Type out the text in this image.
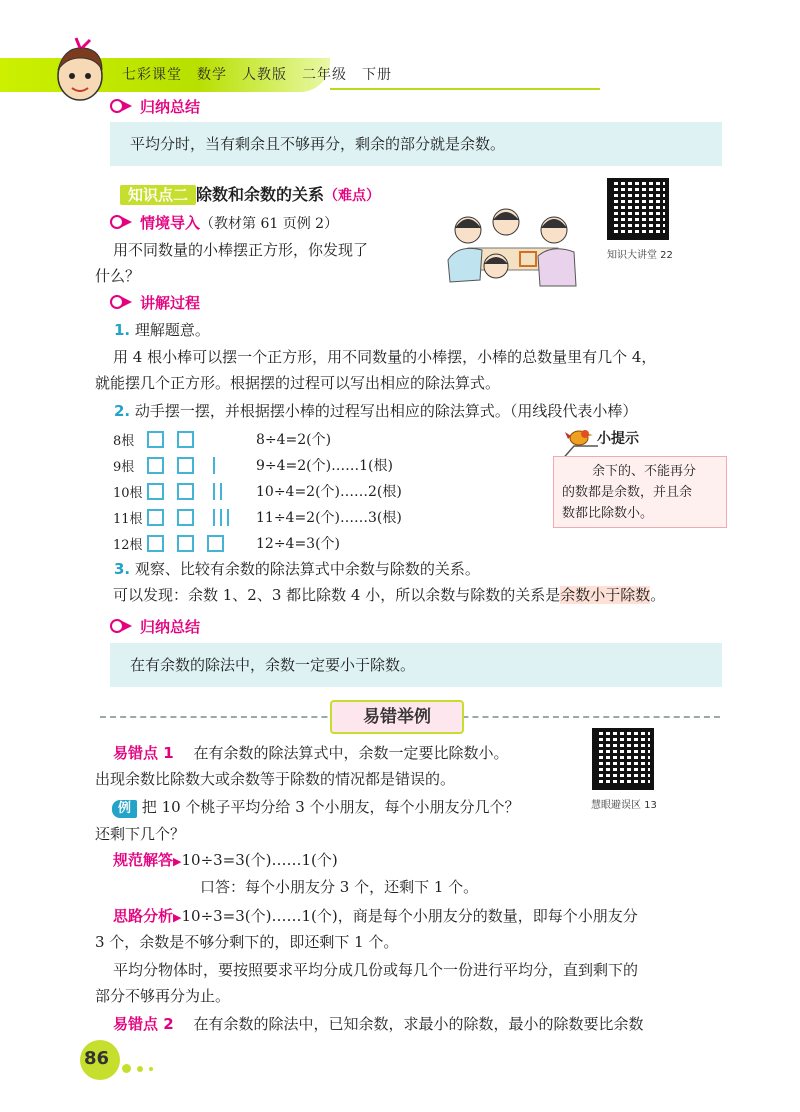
七彩课堂　数学　人教版　二年级　下册
归纳总结
平均分时，当有剩余且不够再分，剩余的部分就是余数。
知识点二 除数和余数的关系（难点）
知识大讲堂 22
情境导入（教材第 61 页例 2）
用不同数量的小棒摆正方形，你发现了
什么？
讲解过程
1. 理解题意。
用 4 根小棒可以摆一个正方形，用不同数量的小棒摆，小棒的总数量里有几个 4，
就能摆几个正方形。根据摆的过程可以写出相应的除法算式。
2. 动手摆一摆，并根据摆小棒的过程写出相应的除法算式。（用线段代表小棒）
8根	8÷4=2(个)
9根	9÷4=2(个)……1(根)
10根	10÷4=2(个)……2(根)
11根	11÷4=2(个)……3(根)
12根	12÷4=3(个)
小提示
余下的、不能再分
的数都是余数，并且余
数都比除数小。
3. 观察、比较有余数的除法算式中余数与除数的关系。
可以发现：余数 1、2、3 都比除数 4 小，所以余数与除数的关系是余数小于除数。
归纳总结
在有余数的除法中，余数一定要小于除数。
易错举例
易错点 1　 在有余数的除法算式中，余数一定要比除数小。
出现余数比除数大或余数等于除数的情况都是错误的。
慧眼避误区 13
例 把 10 个桃子平均分给 3 个小朋友，每个小朋友分几个？
还剩下几个？
规范解答▶10÷3=3(个)……1(个)
口答：每个小朋友分 3 个，还剩下 1 个。
思路分析▶10÷3=3(个)……1(个)，商是每个小朋友分的数量，即每个小朋友分
3 个，余数是不够分剩下的，即还剩下 1 个。
平均分物体时，要按照要求平均分成几份或每几个一份进行平均分，直到剩下的
部分不够再分为止。
易错点 2　 在有余数的除法中，已知余数，求最小的除数，最小的除数要比余数
86
